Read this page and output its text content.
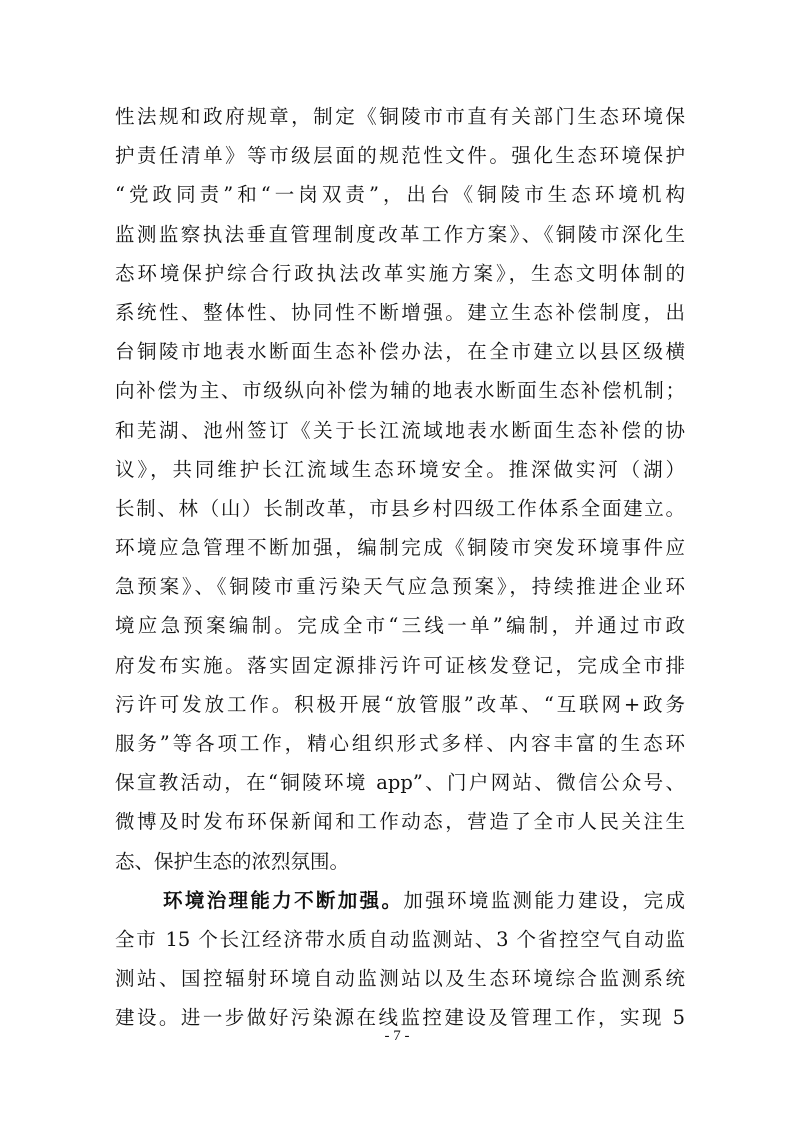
性法规和政府规章，制定《铜陵市市直有关部门生态环境保
护责任清单》等市级层面的规范性文件。强化生态环境保护
“党政同责”和“一岗双责”，出台《铜陵市生态环境机构
监测监察执法垂直管理制度改革工作方案》、《铜陵市深化生
态环境保护综合行政执法改革实施方案》，生态文明体制的
系统性、整体性、协同性不断增强。建立生态补偿制度，出
台铜陵市地表水断面生态补偿办法，在全市建立以县区级横
向补偿为主、市级纵向补偿为辅的地表水断面生态补偿机制；
和芜湖、池州签订《关于长江流域地表水断面生态补偿的协
议》，共同维护长江流域生态环境安全。推深做实河（湖）
长制、林（山）长制改革，市县乡村四级工作体系全面建立。
环境应急管理不断加强，编制完成《铜陵市突发环境事件应
急预案》、《铜陵市重污染天气应急预案》，持续推进企业环
境应急预案编制。完成全市“三线一单”编制，并通过市政
府发布实施。落实固定源排污许可证核发登记，完成全市排
污许可发放工作。积极开展“放管服”改革、“互联网+政务
服务”等各项工作，精心组织形式多样、内容丰富的生态环
保宣教活动，在“铜陵环境 app”、门户网站、微信公众号、
微博及时发布环保新闻和工作动态，营造了全市人民关注生
态、保护生态的浓烈氛围。
环境治理能力不断加强。加强环境监测能力建设，完成
全市 15 个长江经济带水质自动监测站、3 个省控空气自动监
测站、国控辐射环境自动监测站以及生态环境综合监测系统
建设。进一步做好污染源在线监控建设及管理工作，实现 5
- 7 -
